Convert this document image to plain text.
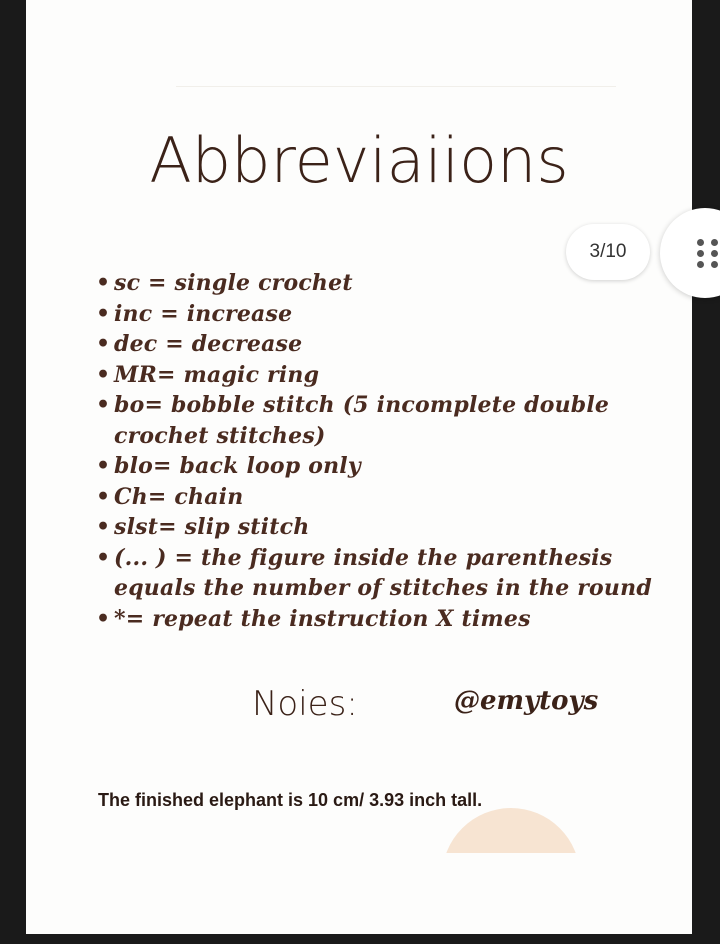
Abbreviaiions
• sc = single crochet
• inc = increase
• dec = decrease
• MR= magic ring
• bo= bobble stitch (5 incomplete double crochet stitches)
• blo= back loop only
• Ch= chain
• slst= slip stitch
• (... ) = the figure inside the parenthesis equals the number of stitches in the round
• *= repeat the instruction X times
Noies:	@emytoys
The finished elephant is 10 cm/ 3.93 inch tall.
3/10
